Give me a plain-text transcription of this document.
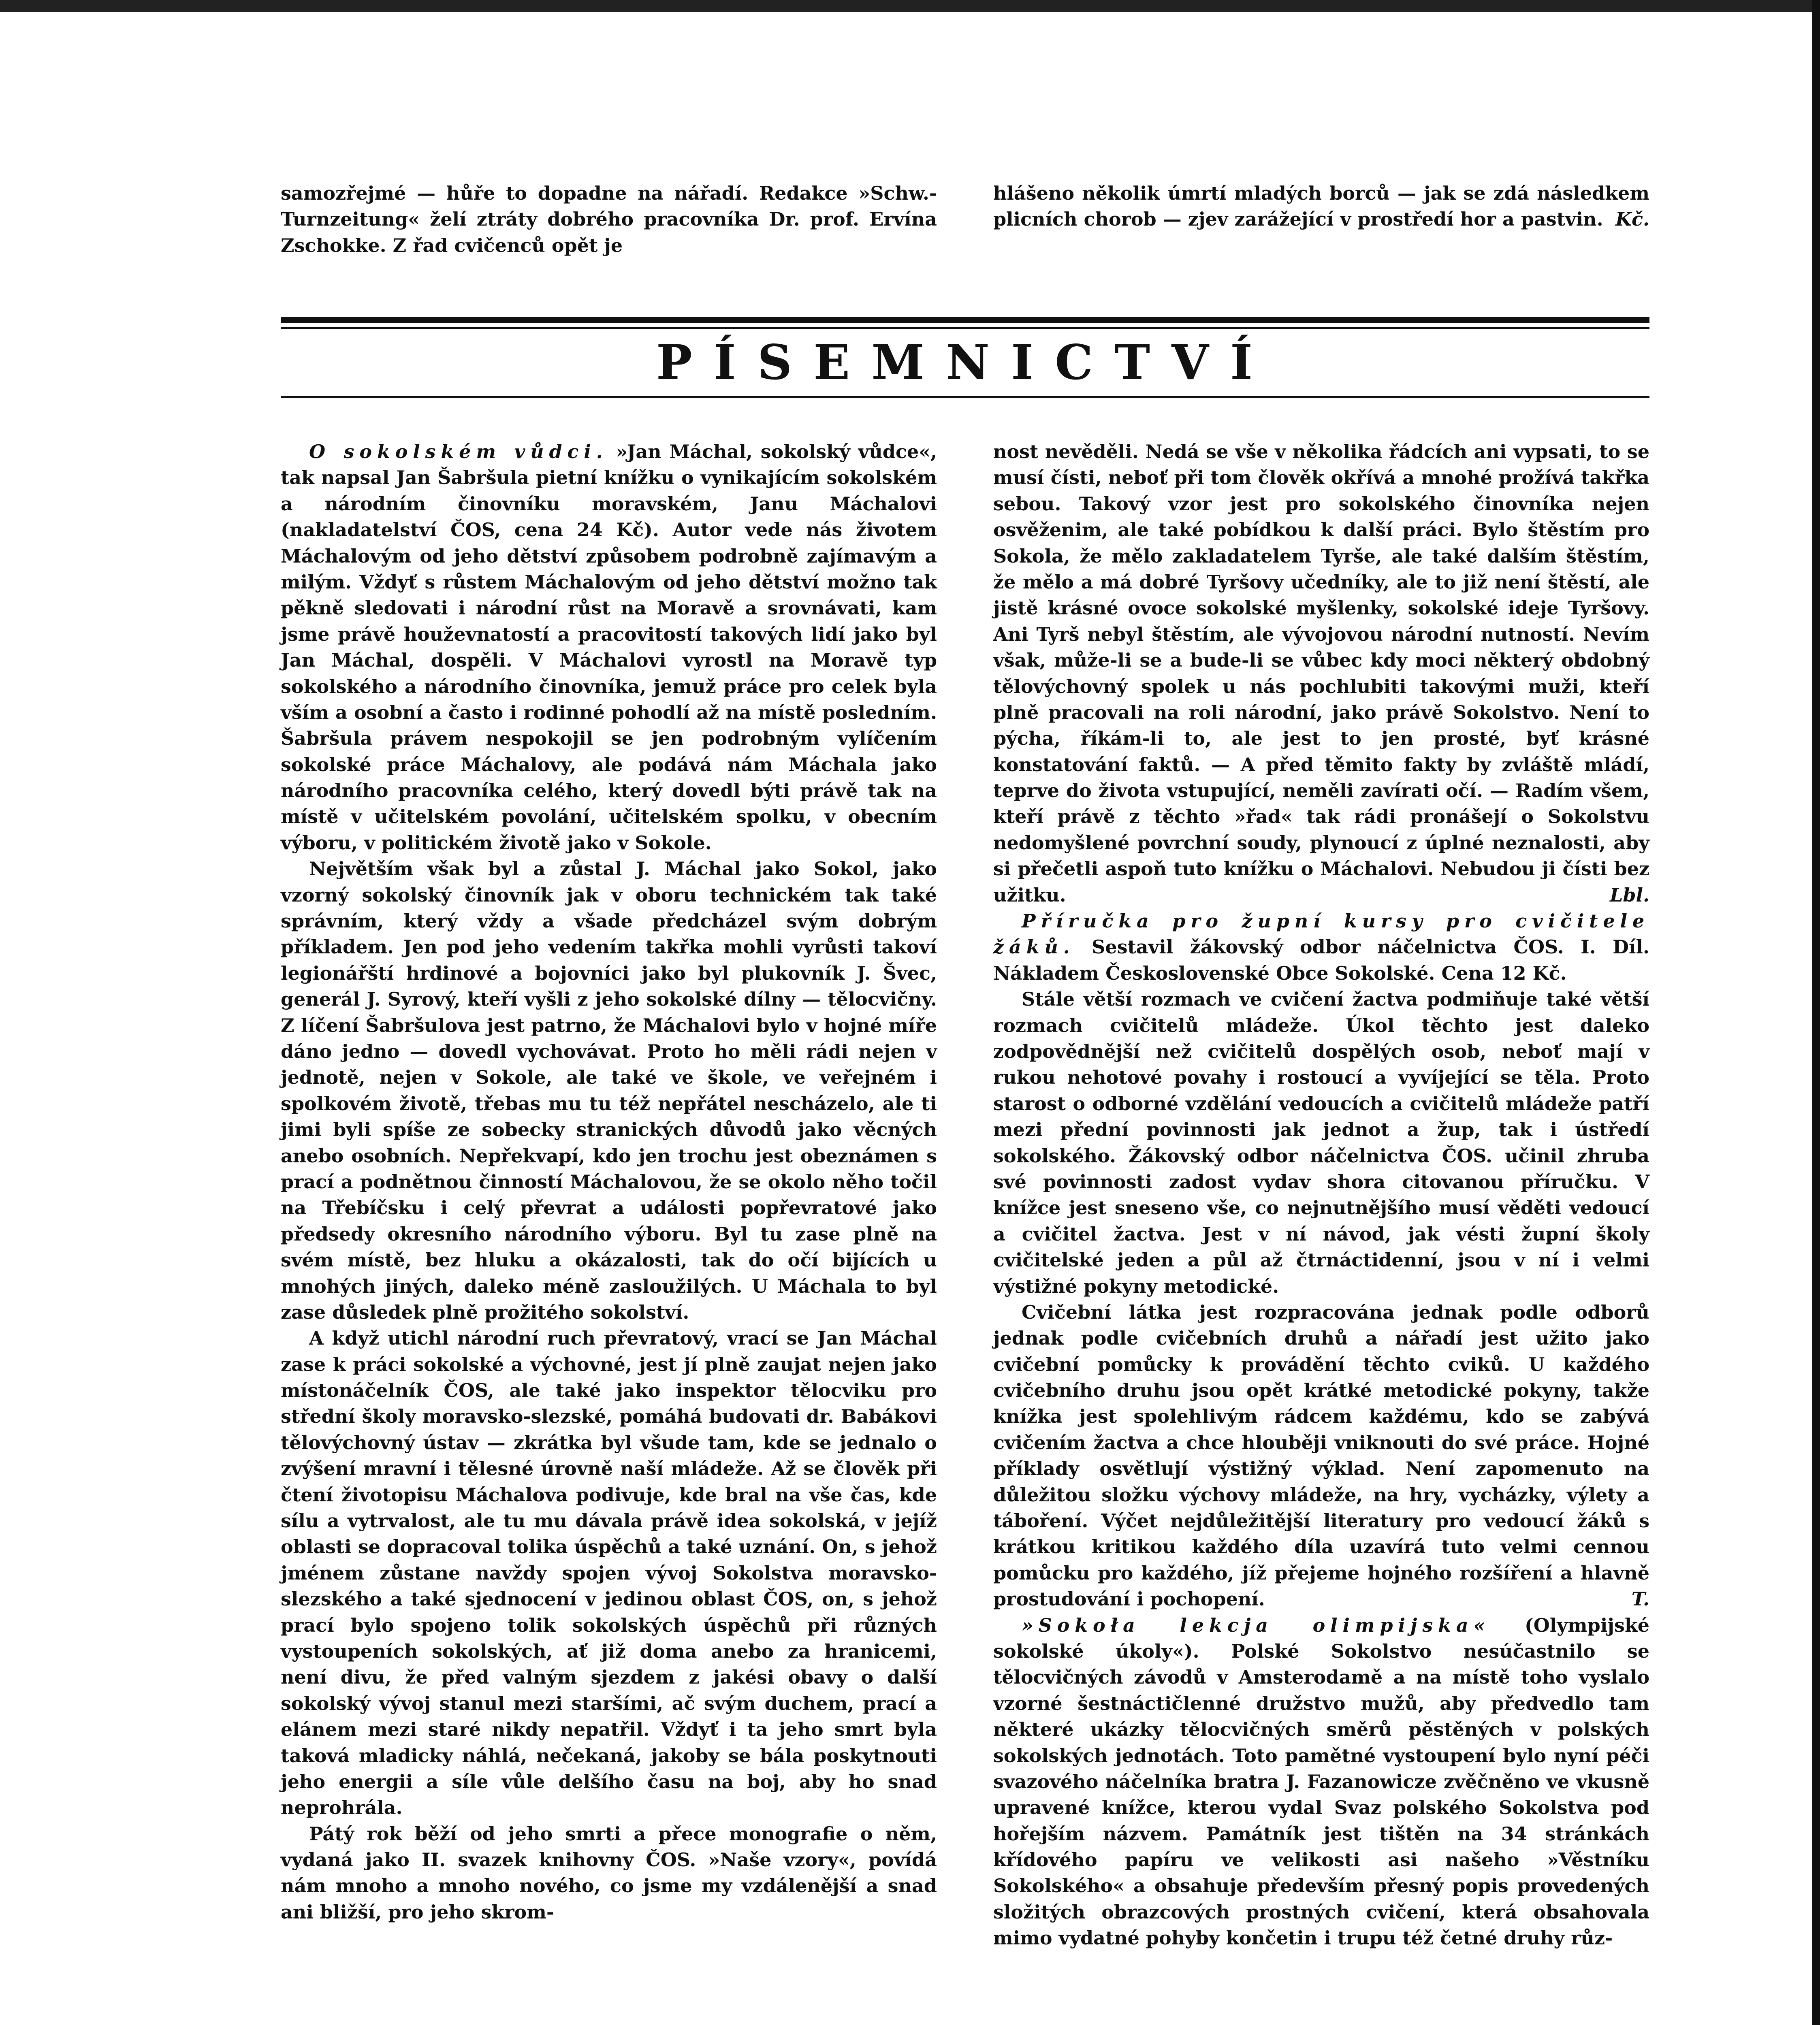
samozřejmé — hůře to dopadne na nářadí. Redakce »Schw.-Turnzeitung« želí ztráty dobrého pracovníka Dr. prof. Ervína Zschokke. Z řad cvičenců opět je

hlášeno několik úmrtí mladých borců — jak se zdá následkem plicních chorob — zjev zarážející v prostředí hor a pastvin. Kč.

PÍSEMNICTVÍ

O sokolském vůdci. »Jan Máchal, sokolský vůdce«, tak napsal Jan Šabršula pietní knížku o vynikajícím sokolském a národním činovníku moravském, Janu Máchalovi (nakladatelství ČOS, cena 24 Kč). Autor vede nás životem Máchalovým od jeho dětství způsobem podrobně zajímavým a milým. Vždyť s růstem Máchalovým od jeho dětství možno tak pěkně sledovati i národní růst na Moravě a srovnávati, kam jsme právě houževnatostí a pracovitostí takových lidí jako byl Jan Máchal, dospěli. V Máchalovi vyrostl na Moravě typ sokolského a národního činovníka, jemuž práce pro celek byla vším a osobní a často i rodinné pohodlí až na místě posledním. Šabršula právem nespokojil se jen podrobným vylíčením sokolské práce Máchalovy, ale podává nám Máchala jako národního pracovníka celého, který dovedl býti právě tak na místě v učitelském povolání, učitelském spolku, v obecním výboru, v politickém životě jako v Sokole.

Největším však byl a zůstal J. Máchal jako Sokol, jako vzorný sokolský činovník jak v oboru technickém tak také správním, který vždy a všade předcházel svým dobrým příkladem. Jen pod jeho vedením takřka mohli vyrůsti takoví legionářští hrdinové a bojovníci jako byl plukovník J. Švec, generál J. Syrový, kteří vyšli z jeho sokolské dílny — tělocvičny. Z líčení Šabršulova jest patrno, že Máchalovi bylo v hojné míře dáno jedno — dovedl vychovávat. Proto ho měli rádi nejen v jednotě, nejen v Sokole, ale také ve škole, ve veřejném i spolkovém životě, třebas mu tu též nepřátel nescházelo, ale ti jimi byli spíše ze sobecky stranických důvodů jako věcných anebo osobních. Nepřekvapí, kdo jen trochu jest obeznámen s prací a podnětnou činností Máchalovou, že se okolo něho točil na Třebíčsku i celý převrat a události popřevratové jako předsedy okresního národního výboru. Byl tu zase plně na svém místě, bez hluku a okázalosti, tak do očí bijících u mnohých jiných, daleko méně zasloužilých. U Máchala to byl zase důsledek plně prožitého sokolství.

A když utichl národní ruch převratový, vrací se Jan Máchal zase k práci sokolské a výchovné, jest jí plně zaujat nejen jako místonáčelník ČOS, ale také jako inspektor tělocviku pro střední školy moravsko-slezské, pomáhá budovati dr. Babákovi tělovýchovný ústav — zkrátka byl všude tam, kde se jednalo o zvýšení mravní i tělesné úrovně naší mládeže. Až se člověk při čtení životopisu Máchalova podivuje, kde bral na vše čas, kde sílu a vytrvalost, ale tu mu dávala právě idea sokolská, v jejíž oblasti se dopracoval tolika úspěchů a také uznání. On, s jehož jménem zůstane navždy spojen vývoj Sokolstva moravsko-slezského a také sjednocení v jedinou oblast ČOS, on, s jehož prací bylo spojeno tolik sokolských úspěchů při různých vystoupeních sokolských, ať již doma anebo za hranicemi, není divu, že před valným sjezdem z jakési obavy o další sokolský vývoj stanul mezi staršími, ač svým duchem, prací a elánem mezi staré nikdy nepatřil. Vždyť i ta jeho smrt byla taková mladicky náhlá, nečekaná, jakoby se bála poskytnouti jeho energii a síle vůle delšího času na boj, aby ho snad neprohrála.

Pátý rok běží od jeho smrti a přece monografie o něm, vydaná jako II. svazek knihovny ČOS. »Naše vzory«, povídá nám mnoho a mnoho nového, co jsme my vzdálenější a snad ani bližší, pro jeho skrom-

nost nevěděli. Nedá se vše v několika řádcích ani vypsati, to se musí čísti, neboť při tom člověk okřívá a mnohé prožívá takřka sebou. Takový vzor jest pro sokolského činovníka nejen osvěženim, ale také pobídkou k další práci. Bylo štěstím pro Sokola, že mělo zakladatelem Tyrše, ale také dalším štěstím, že mělo a má dobré Tyršovy učedníky, ale to již není štěstí, ale jistě krásné ovoce sokolské myšlenky, sokolské ideje Tyršovy. Ani Tyrš nebyl štěstím, ale vývojovou národní nutností. Nevím však, může-li se a bude-li se vůbec kdy moci některý obdobný tělovýchovný spolek u nás pochlubiti takovými muži, kteří plně pracovali na roli národní, jako právě Sokolstvo. Není to pýcha, říkám-li to, ale jest to jen prosté, byť krásné konstatování faktů. — A před těmito fakty by zvláště mládí, teprve do života vstupující, neměli zavírati očí. — Radím všem, kteří právě z těchto »řad« tak rádi pronášejí o Sokolstvu nedomyšlené povrchní soudy, plynoucí z úplné neznalosti, aby si přečetli aspoň tuto knížku o Máchalovi. Nebudou ji čísti bez užitku.	Lbl.

Příručka pro župní kursy pro cvičitele žáků. Sestavil žákovský odbor náčelnictva ČOS. I. Díl. Nákladem Československé Obce Sokolské. Cena 12 Kč.

Stále větší rozmach ve cvičení žactva podmiňuje také větší rozmach cvičitelů mládeže. Úkol těchto jest daleko zodpovědnější než cvičitelů dospělých osob, neboť mají v rukou nehotové povahy i rostoucí a vyvíjející se těla. Proto starost o odborné vzdělání vedoucích a cvičitelů mládeže patří mezi přední povinnosti jak jednot a žup, tak i ústředí sokolského. Žákovský odbor náčelnictva ČOS. učinil zhruba své povinnosti zadost vydav shora citovanou příručku. V knížce jest sneseno vše, co nejnutnějšího musí věděti vedoucí a cvičitel žactva. Jest v ní návod, jak vésti župní školy cvičitelské jeden a půl až čtrnáctidenní, jsou v ní i velmi výstižné pokyny metodické.

Cvičební látka jest rozpracována jednak podle odborů jednak podle cvičebních druhů a nářadí jest užito jako cvičební pomůcky k provádění těchto cviků. U každého cvičebního druhu jsou opět krátké metodické pokyny, takže knížka jest spolehlivým rádcem každému, kdo se zabývá cvičením žactva a chce hlouběji vniknouti do své práce. Hojné příklady osvětlují výstižný výklad. Není zapomenuto na důležitou složku výchovy mládeže, na hry, vycházky, výlety a táboření. Výčet nejdůležitější literatury pro vedoucí žáků s krátkou kritikou každého díla uzavírá tuto velmi cennou pomůcku pro každého, jíž přejeme hojného rozšíření a hlavně prostudování i pochopení.	T.

»Sokoła lekcja olimpijska« (Olympijské sokolské úkoly«). Polské Sokolstvo nesúčastnilo se tělocvičných závodů v Amsterodamě a na místě toho vyslalo vzorné šestnáctičlenné družstvo mužů, aby předvedlo tam některé ukázky tělocvičných směrů pěstěných v polských sokolských jednotách. Toto pamětné vystoupení bylo nyní péči svazového náčelníka bratra J. Fazanowicze zvěčněno ve vkusně upravené knížce, kterou vydal Svaz polského Sokolstva pod hořejším názvem. Památník jest tištěn na 34 stránkách křídového papíru ve velikosti asi našeho »Věstníku Sokolského« a obsahuje především přesný popis provedených složitých obrazcových prostných cvičení, která obsahovala mimo vydatné pohyby končetin i trupu též četné druhy růz-
